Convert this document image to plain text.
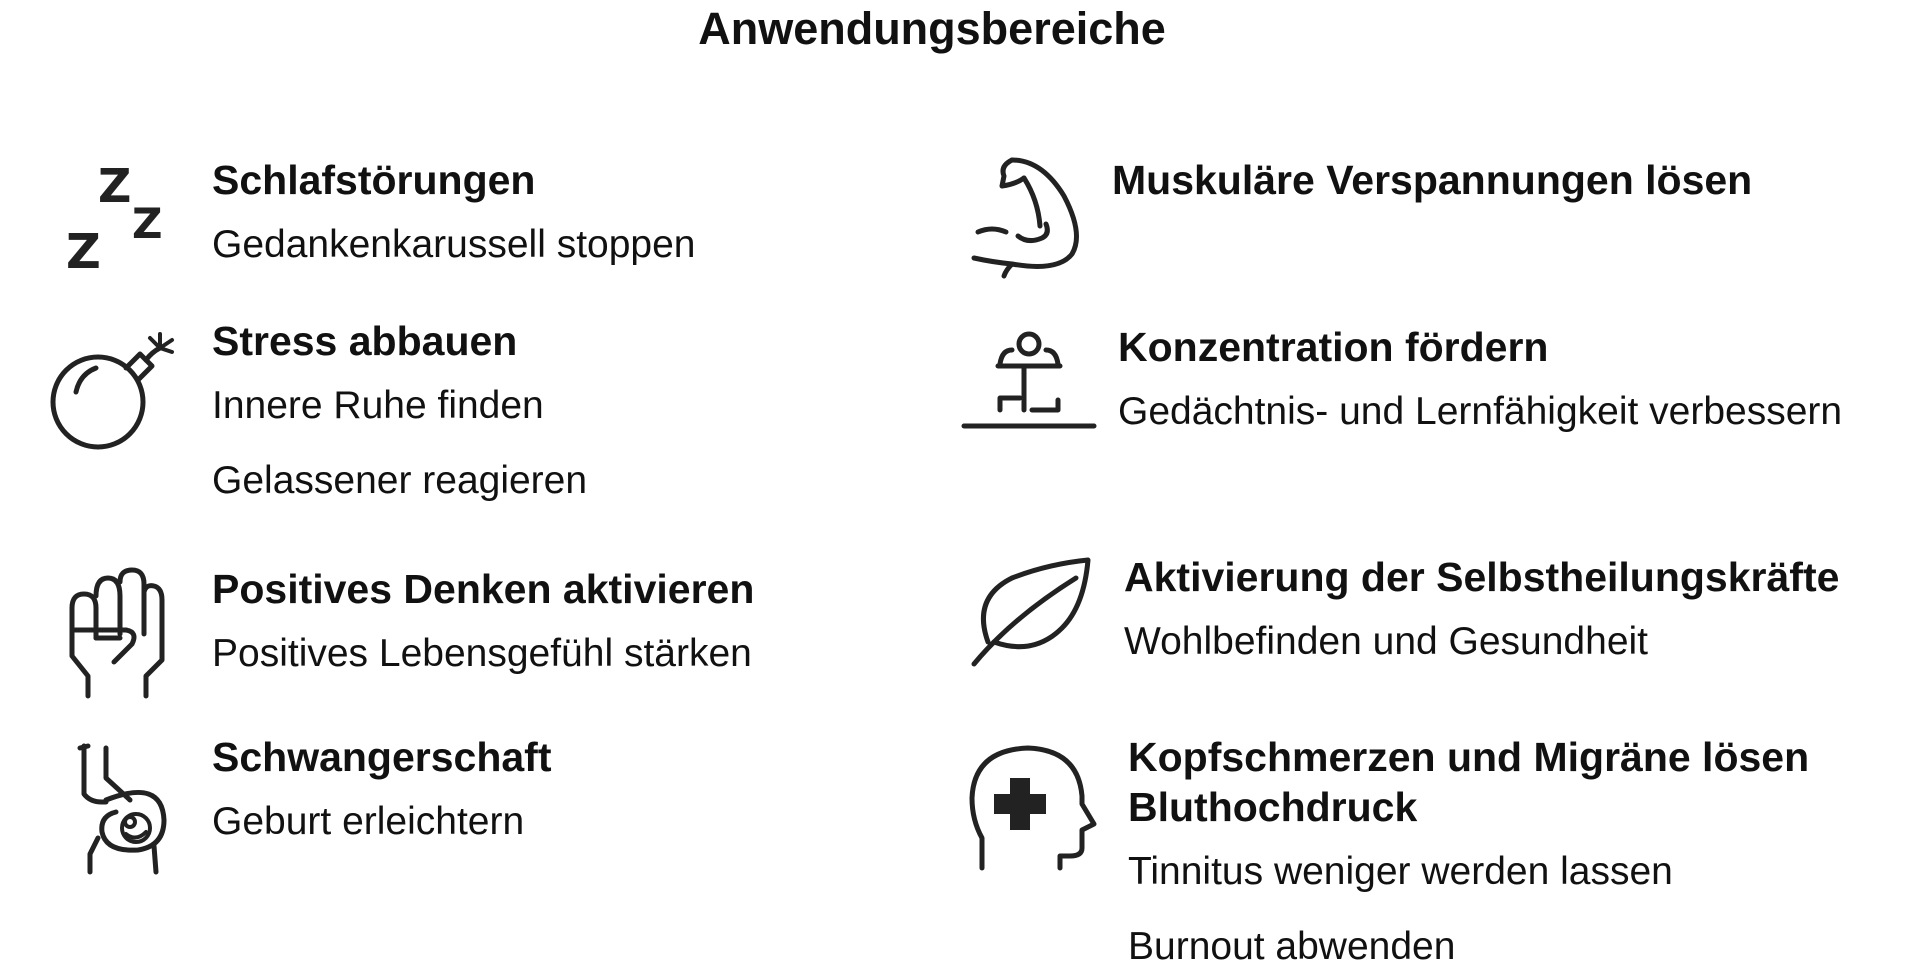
Anwendungsbereiche
Z
Z
Z

Schlafstörungen

Gedankenkarussell stoppen

Stress abbauen

Innere Ruhe finden

Gelassener reagieren

Positives Denken aktivieren

Positives Lebensgefühl stärken

Schwangerschaft

Geburt erleichtern

Muskuläre Verspannungen lösen

Konzentration fördern

Gedächtnis- und Lernfähigkeit verbessern

Aktivierung der Selbstheilungskräfte

Wohlbefinden und Gesundheit

Kopfschmerzen und Migräne lösen

Bluthochdruck

Tinnitus weniger werden lassen

Burnout abwenden
